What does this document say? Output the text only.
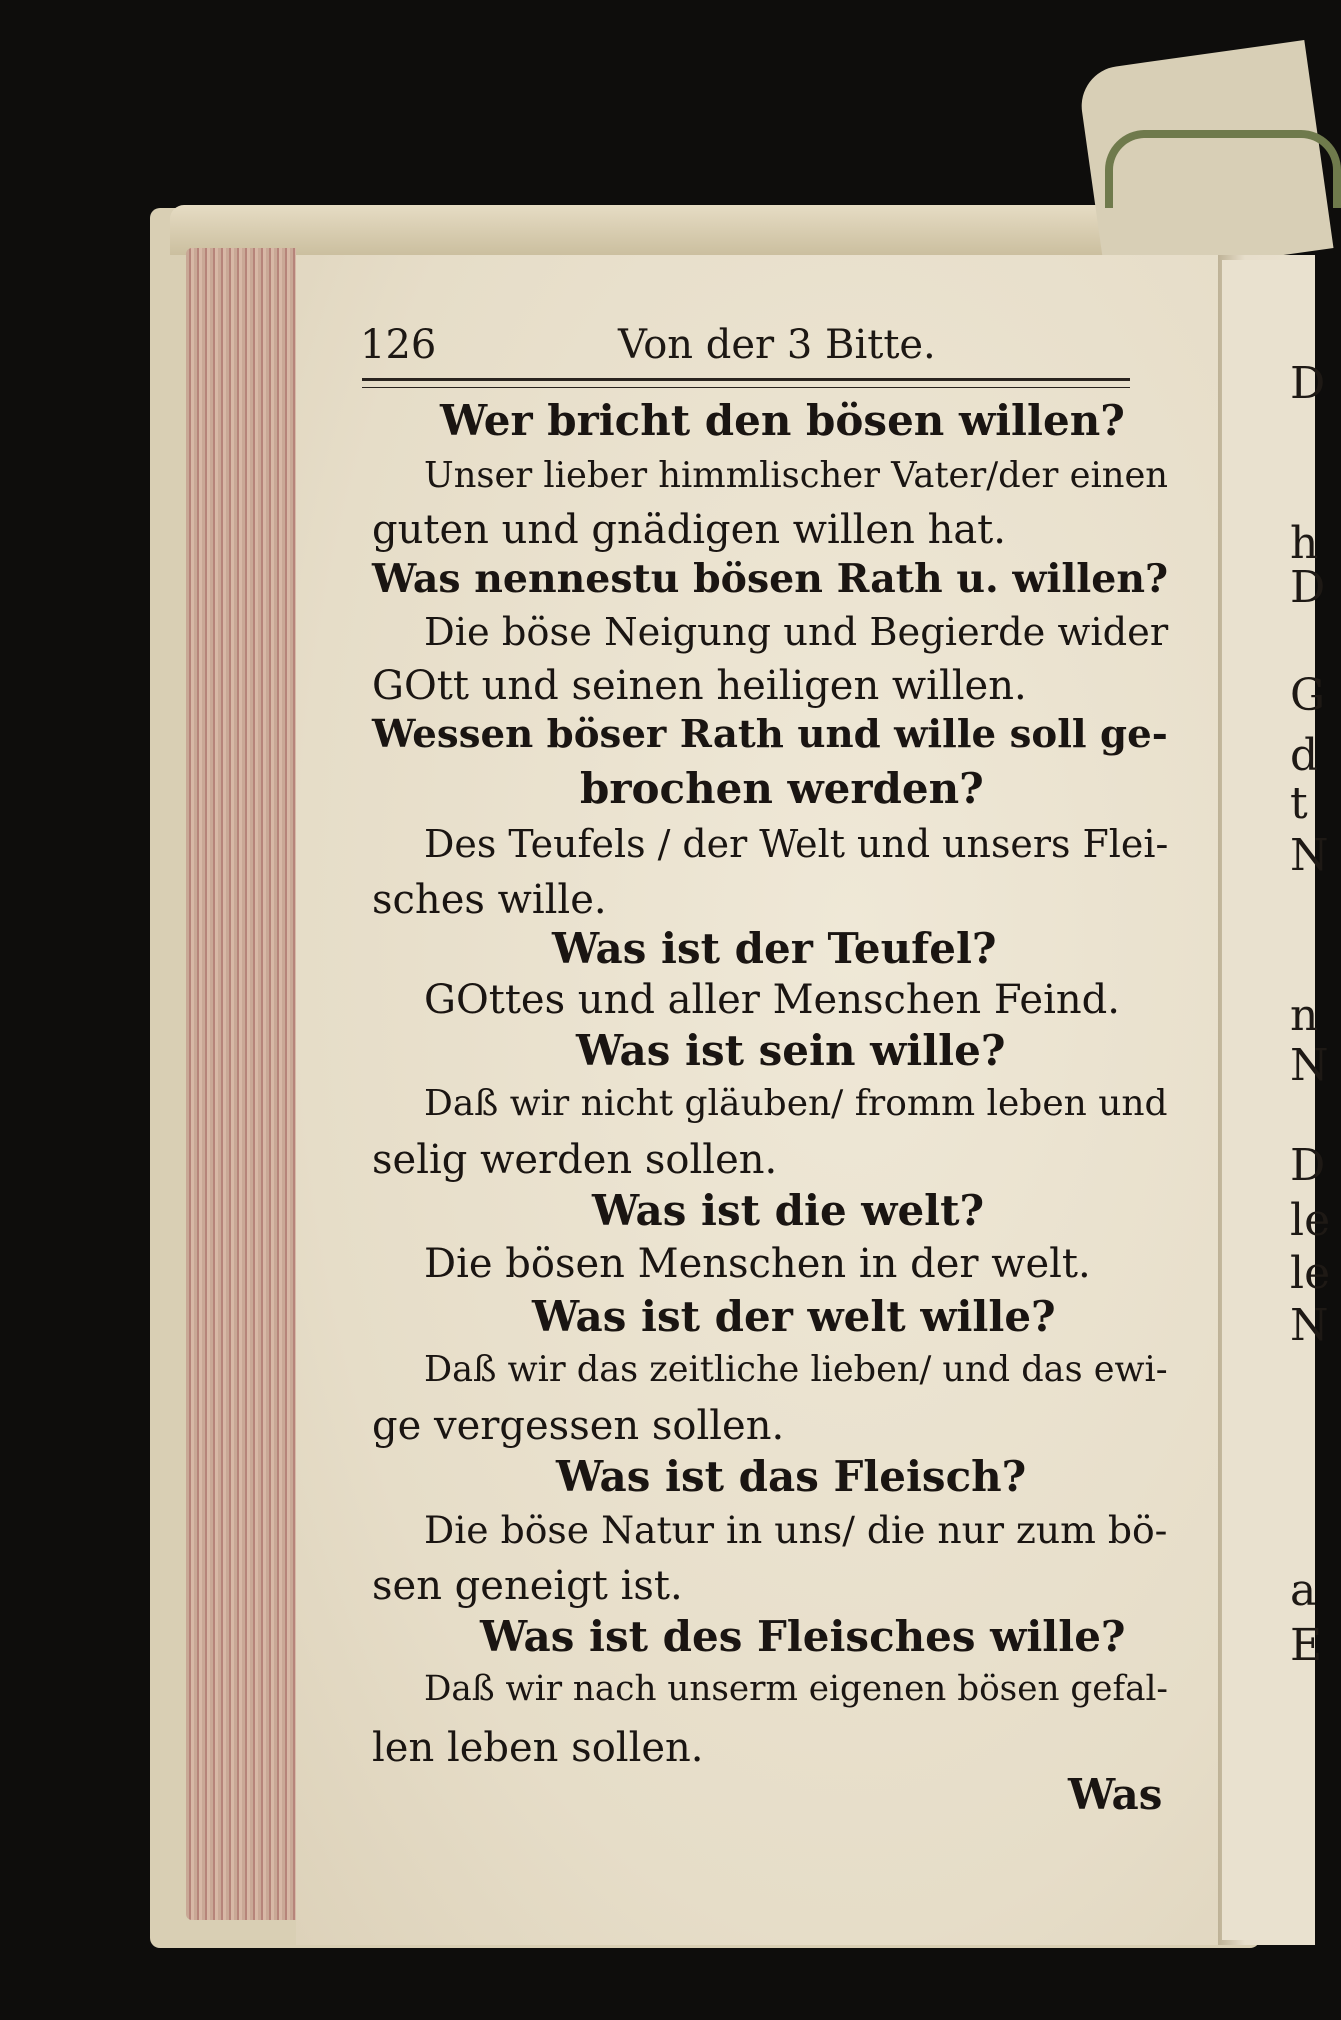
D
h
D
G
d
t
N
n
N
D
le
le
N
a
E
126	Von der 3 Bitte.
Wer bricht den bösen willen?
Unser lieber himmlischer Vater/der einen
guten und gnädigen willen hat.
Was nennestu bösen Rath u. willen?
Die böse Neigung und Begierde wider
GOtt und seinen heiligen willen.
Wessen böser Rath und wille soll ge-
brochen werden?
Des Teufels / der Welt und unsers Flei-
sches wille.
Was ist der Teufel?
GOttes und aller Menschen Feind.
Was ist sein wille?
Daß wir nicht gläuben/ fromm leben und
selig werden sollen.
Was ist die welt?
Die bösen Menschen in der welt.
Was ist der welt wille?
Daß wir das zeitliche lieben/ und das ewi-
ge vergessen sollen.
Was ist das Fleisch?
Die böse Natur in uns/ die nur zum bö-
sen geneigt ist.
Was ist des Fleisches wille?
Daß wir nach unserm eigenen bösen gefal-
len leben sollen.
Was
